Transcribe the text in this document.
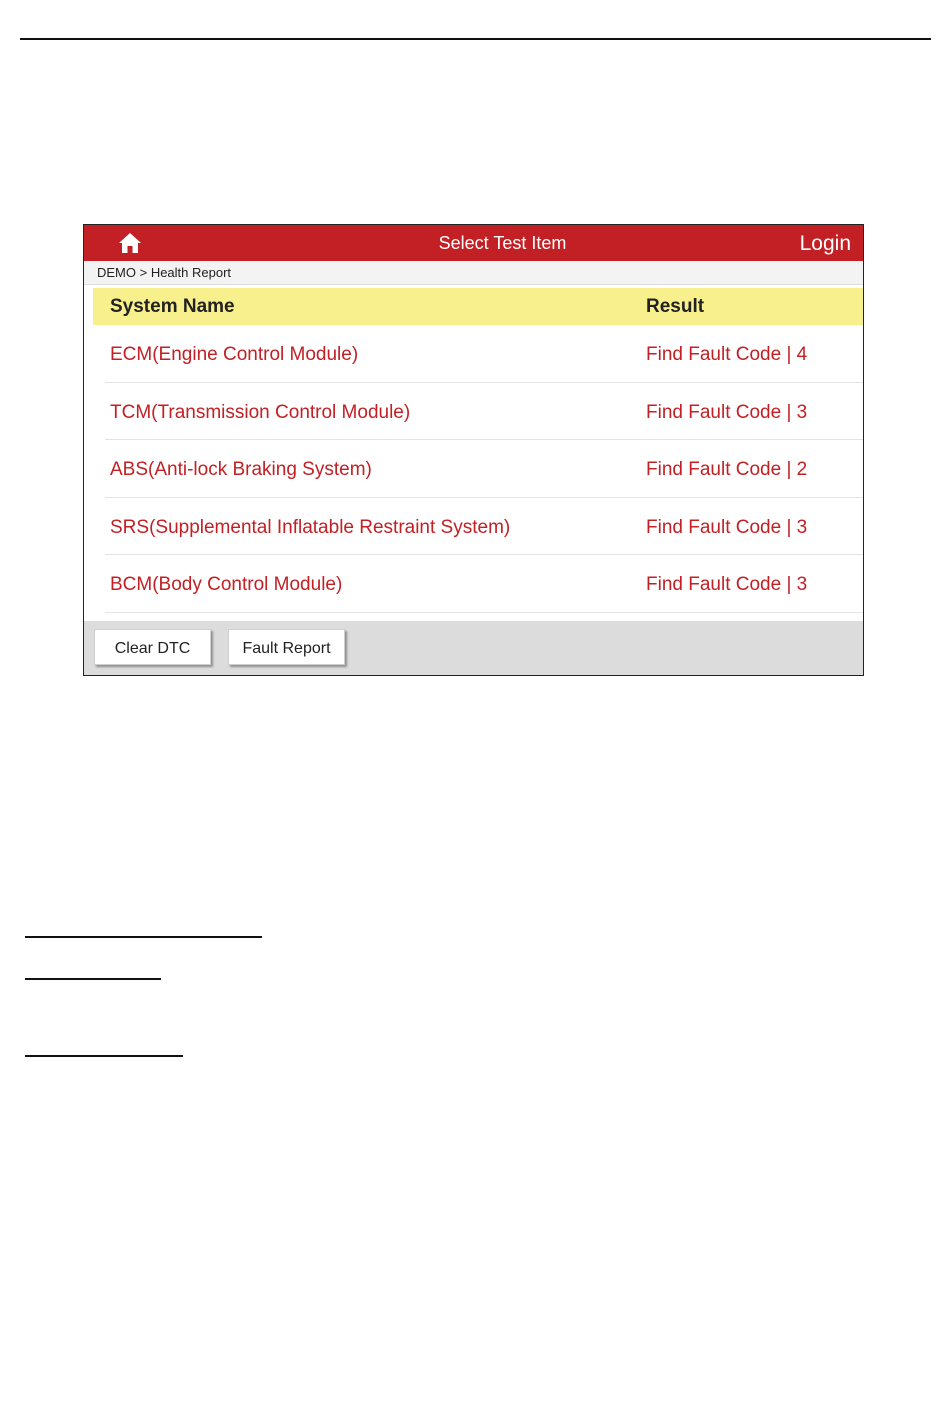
Select Test Item	Login
DEMO > Health Report
System Name	Result
ECM(Engine Control Module)	Find Fault Code | 4
TCM(Transmission Control Module)	Find Fault Code | 3
ABS(Anti-lock Braking System)	Find Fault Code | 2
SRS(Supplemental Inflatable Restraint System)	Find Fault Code | 3
BCM(Body Control Module)	Find Fault Code | 3
Clear DTC	Fault Report
